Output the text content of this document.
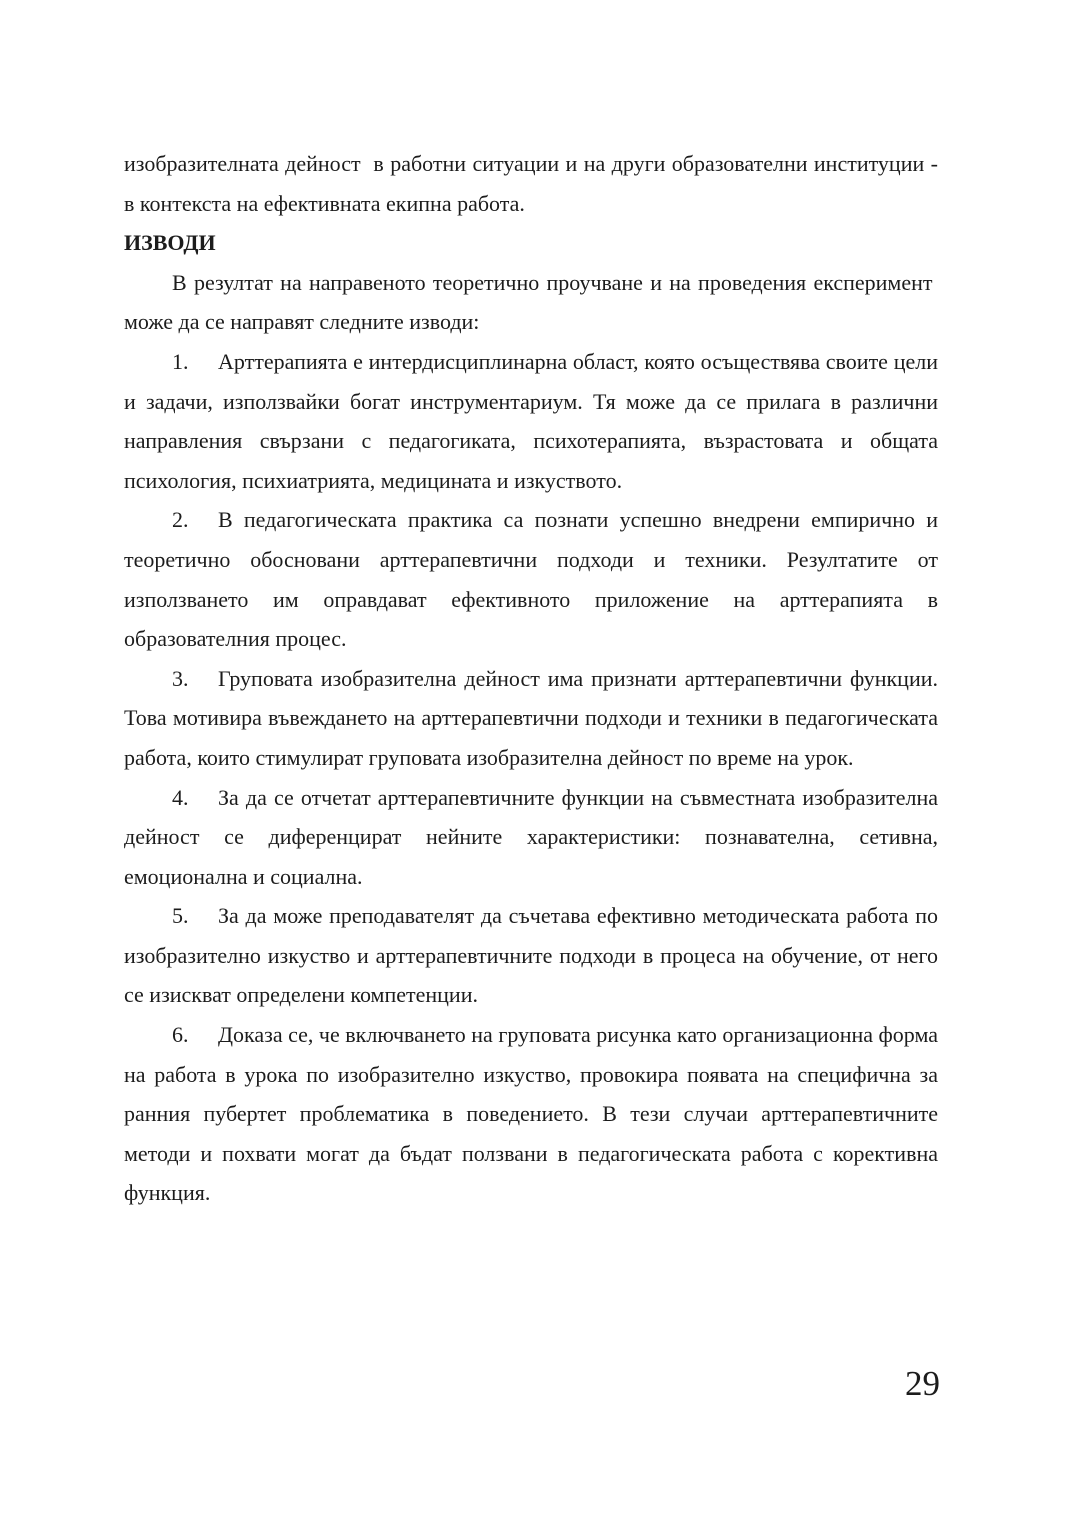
изобразителната дейност  в работни ситуации и на други образователни институции - в контекста на ефективната екипна работа.

ИЗВОДИ

В резултат на направеното теоретично проучване и на проведения експеримент  може да се направят следните изводи:

1. Арттерапията е интердисциплинарна област, която осъществява своите цели и задачи, използвайки богат инструментариум. Тя може да се прилага в различни направления свързани с педагогиката, психотерапията, възрастовата и общата психология, психиатрията, медицината и изкуството.

2. В педагогическата практика са познати успешно внедрени емпирично и теоретично обосновани арттерапевтични подходи и техники. Резултатите от използването им оправдават ефективното приложение на арттерапията в образователния процес.

3. Груповата изобразителна дейност има признати арттерапевтични функции. Това мотивира въвеждането на арттерапевтични подходи и техники в педагогическата работа, които стимулират груповата изобразителна дейност по време на урок.

4. За да се отчетат арттерапевтичните функции на съвместната изобразителна дейност се диференцират нейните характеристики: познавателна, сетивна, емоционална и социална.

5. За да може преподавателят да съчетава ефективно методическата работа по изобразително изкуство и арттерапевтичните подходи в процеса на обучение, от него се изискват определени компетенции.

6. Доказа се, че включването на груповата рисунка като организационна форма на работа в урока по изобразително изкуство, провокира появата на специфична за ранния пубертет проблематика в поведението. В тези случаи арттерапевтичните методи и похвати могат да бъдат ползвани в педагогическата работа с корективна функция.

29
